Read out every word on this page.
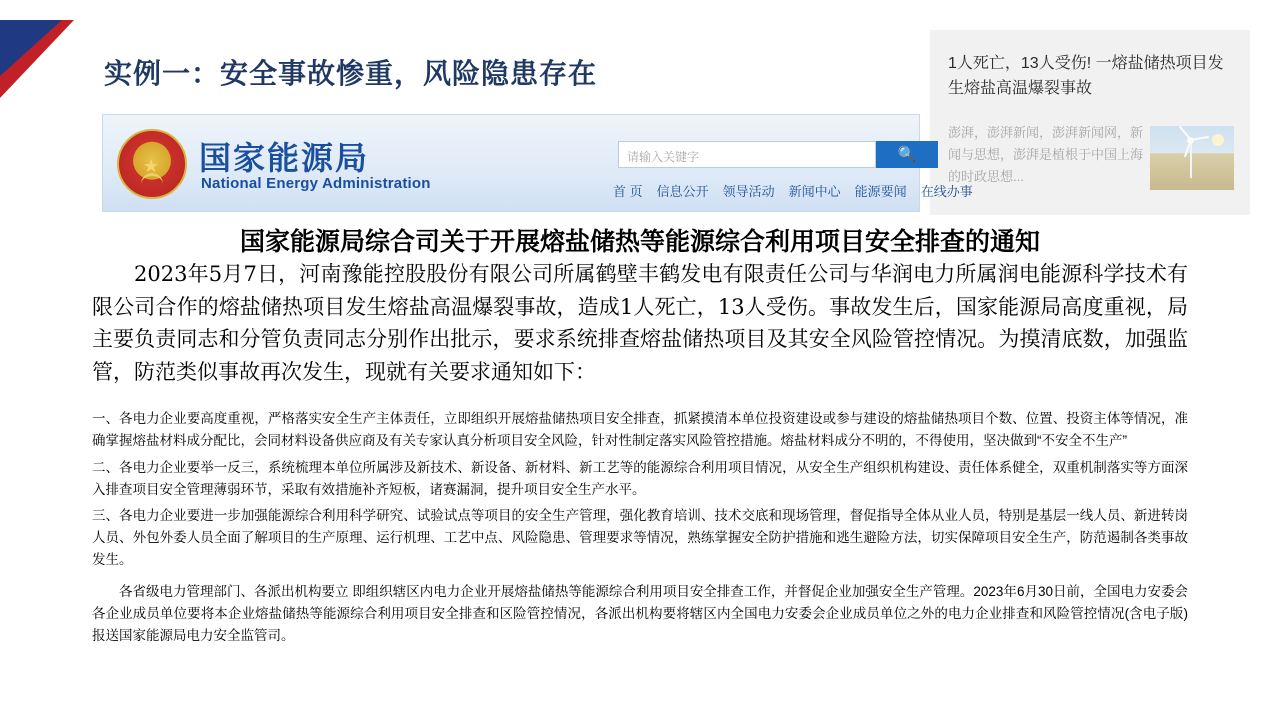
实例一：安全事故惨重，风险隐患存在	1人死亡，13人受伤! 一熔盐储热项目发生熔盐高温爆裂事故
澎湃，澎湃新闻，澎湃新闻网，新闻与思想，澎湃是植根于中国上海的时政思想...
★ 国家能源局
National Energy Administration
请输入关键字	🔍
首 页 信息公开 领导活动 新闻中心 能源要闻 在线办事
国家能源局综合司关于开展熔盐储热等能源综合利用项目安全排查的通知
2023年5月7日，河南豫能控股股份有限公司所属鹤壁丰鹤发电有限责任公司与华润电力所属润电能源科学技术有限公司合作的熔盐储热项目发生熔盐高温爆裂事故，造成1人死亡，13人受伤。事故发生后，国家能源局高度重视，局主要负责同志和分管负责同志分别作出批示，要求系统排查熔盐储热项目及其安全风险管控情况。为摸清底数，加强监管，防范类似事故再次发生，现就有关要求通知如下：

一、各电力企业要高度重视，严格落实安全生产主体责任，立即组织开展熔盐储热项目安全排查，抓紧摸清本单位投资建设或参与建设的熔盐储热项目个数、位置、投资主体等情况，准确掌握熔盐材料成分配比，会同材料设备供应商及有关专家认真分析项目安全风险，针对性制定落实风险管控措施。熔盐材料成分不明的，不得使用，坚决做到“不安全不生产”

二、各电力企业要举一反三，系统梳理本单位所属涉及新技术、新设备、新材料、新工艺等的能源综合利用项目情况，从安全生产组织机构建设、责任体系健全，双重机制落实等方面深入排查项目安全管理薄弱环节，采取有效措施补齐短板，诸赛漏洞，提升项目安全生产水平。

三、各电力企业要进一步加强能源综合利用科学研究、试验试点等项目的安全生产管理，强化教育培训、技术交底和现场管理，督促指导全体从业人员，特别是基层一线人员、新进转岗人员、外包外委人员全面了解项目的生产原理、运行机理、工艺中点、风险隐患、管理要求等情况，熟练掌握安全防护措施和逃生避险方法，切实保障项目安全生产，防范遏制各类事故发生。

各省级电力管理部门、各派出机构要立 即组织辖区内电力企业开展熔盐储热等能源综合利用项目安全排查工作，并督促企业加强安全生产管理。2023年6月30日前，全国电力安委会各企业成员单位要将本企业熔盐储热等能源综合利用项目安全排查和区险管控情况，各派出机构要将辖区内全国电力安委会企业成员单位之外的电力企业排查和风险管控情况(含电子版)报送国家能源局电力安全监管司。
